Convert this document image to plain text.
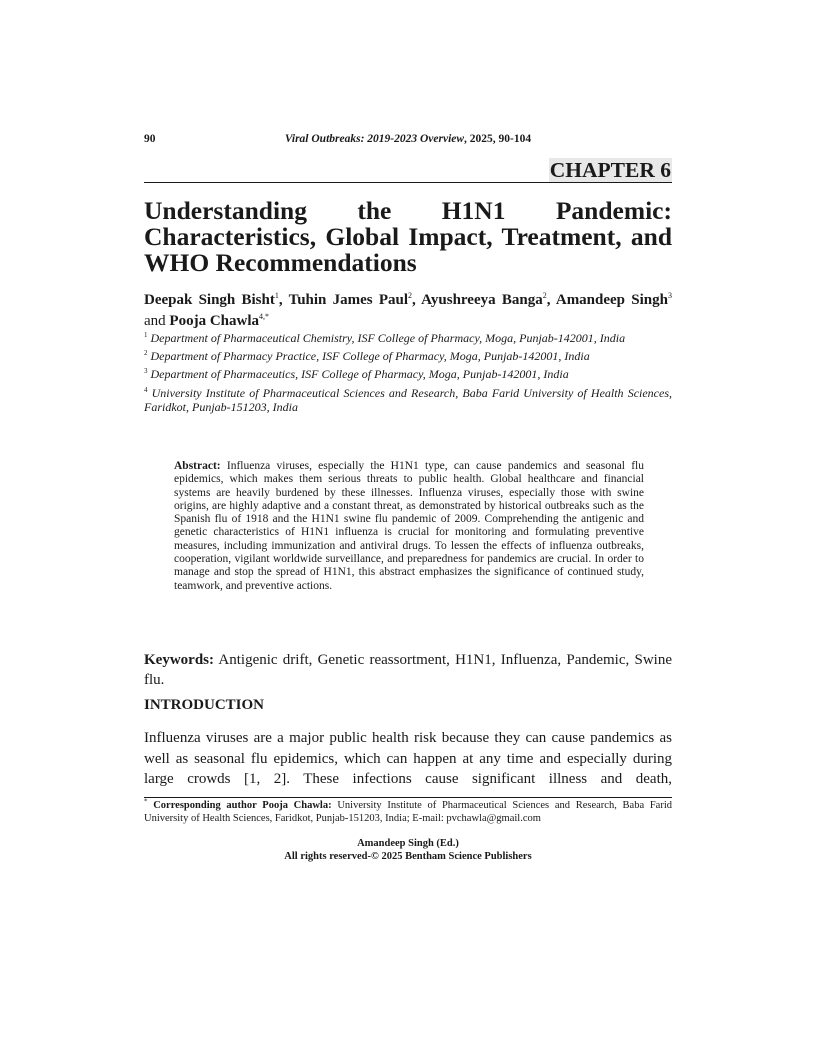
90	Viral Outbreaks: 2019-2023 Overview, 2025, 90-104
CHAPTER 6
Understanding the H1N1 Pandemic: Characteristics, Global Impact, Treatment, and WHO Recommendations

Deepak Singh Bisht$^1$, Tuhin James Paul$^2$, Ayushreeya Banga$^2$, Amandeep Singh$^3$ and Pooja Chawla$^{4,*}$

$^1$ Department of Pharmaceutical Chemistry, ISF College of Pharmacy, Moga, Punjab-142001, India

$^2$ Department of Pharmacy Practice, ISF College of Pharmacy, Moga, Punjab-142001, India

$^3$ Department of Pharmaceutics, ISF College of Pharmacy, Moga, Punjab-142001, India

$^4$ University Institute of Pharmaceutical Sciences and Research, Baba Farid University of Health Sciences, Faridkot, Punjab-151203, India

Abstract: Influenza viruses, especially the H1N1 type, can cause pandemics and seasonal flu epidemics, which makes them serious threats to public health. Global healthcare and financial systems are heavily burdened by these illnesses. Influenza viruses, especially those with swine origins, are highly adaptive and a constant threat, as demonstrated by historical outbreaks such as the Spanish flu of 1918 and the H1N1 swine flu pandemic of 2009. Comprehending the antigenic and genetic characteristics of H1N1 influenza is crucial for monitoring and formulating preventive measures, including immunization and antiviral drugs. To lessen the effects of influenza outbreaks, cooperation, vigilant worldwide surveillance, and preparedness for pandemics are crucial. In order to manage and stop the spread of H1N1, this abstract emphasizes the significance of continued study, teamwork, and preventive actions.

Keywords: Antigenic drift, Genetic reassortment, H1N1, Influenza, Pandemic, Swine flu.

INTRODUCTION

Influenza viruses are a major public health risk because they can cause pandemics as well as seasonal flu epidemics, which can happen at any time and especially during large crowds [1, 2]. These infections cause significant illness and death,

* Corresponding author Pooja Chawla: University Institute of Pharmaceutical Sciences and Research, Baba Farid University of Health Sciences, Faridkot, Punjab-151203, India; E-mail: pvchawla@gmail.com

Amandeep Singh (Ed.)
All rights reserved-© 2025 Bentham Science Publishers
